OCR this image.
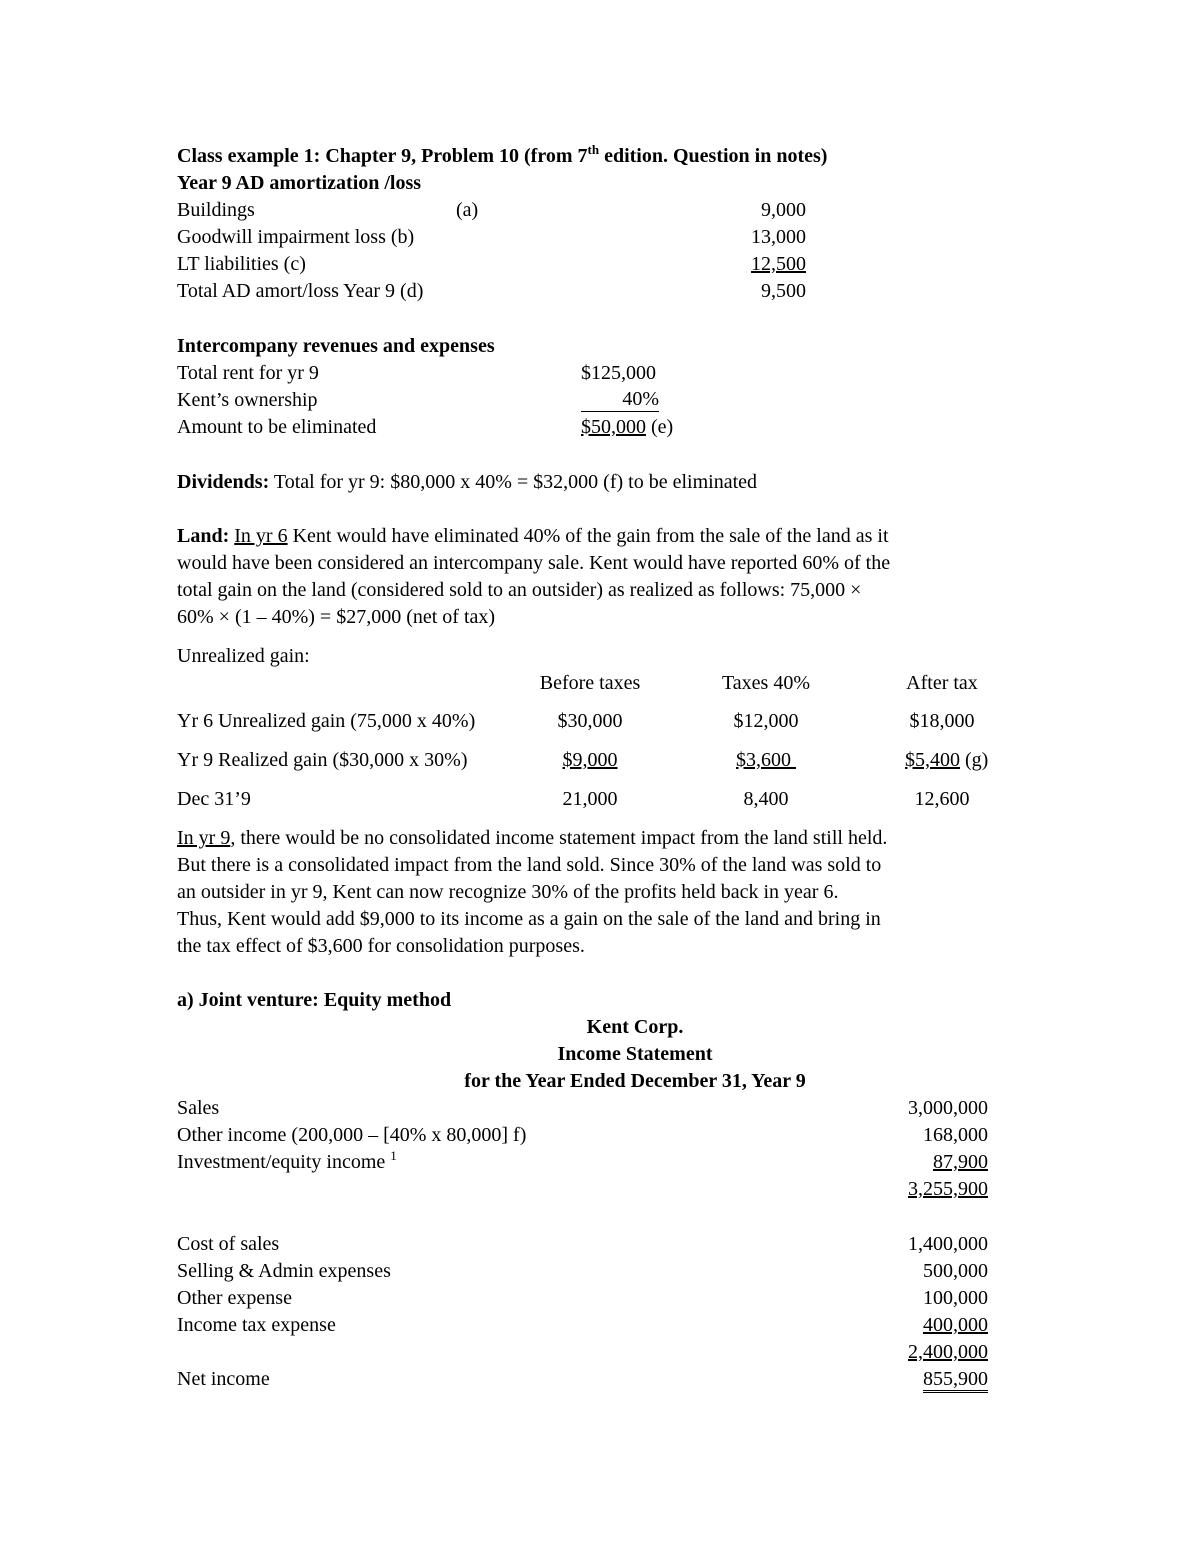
Class example 1: Chapter 9, Problem 10 (from 7th edition. Question in notes)
Year 9 AD amortization /loss
Buildings	(a)	9,000
Goodwill impairment loss (b)	13,000
LT liabilities (c)	12,500
Total AD amort/loss Year 9 (d)	9,500
Intercompany revenues and expenses
Total rent for yr 9	$125,000
Kent’s ownership	40%
Amount to be eliminated	$50,000 (e)
Dividends: Total for yr 9: $80,000 x 40% = $32,000 (f) to be eliminated
Land: In yr 6 Kent would have eliminated 40% of the gain from the sale of the land as it
would have been considered an intercompany sale. Kent would have reported 60% of the
total gain on the land (considered sold to an outsider) as realized as follows: 75,000 ×
60% × (1 – 40%) = $27,000 (net of tax)
Unrealized gain:
Before taxes	Taxes 40%	After tax
Yr 6 Unrealized gain (75,000 x 40%)	$30,000	$12,000	$18,000
Yr 9 Realized gain ($30,000 x 30%)	$9,000	$3,600	$5,400 (g)
Dec 31’9	21,000	8,400	12,600
In yr 9, there would be no consolidated income statement impact from the land still held.
But there is a consolidated impact from the land sold. Since 30% of the land was sold to
an outsider in yr 9, Kent can now recognize 30% of the profits held back in year 6.
Thus, Kent would add $9,000 to its income as a gain on the sale of the land and bring in
the tax effect of $3,600 for consolidation purposes.
a) Joint venture: Equity method
Kent Corp.
Income Statement
for the Year Ended December 31, Year 9
Sales	3,000,000
Other income (200,000 – [40% x 80,000] f)	168,000
Investment/equity income $^1$	87,900
3,255,900
Cost of sales	1,400,000
Selling & Admin expenses	500,000
Other expense	100,000
Income tax expense	400,000
2,400,000
Net income	855,900
